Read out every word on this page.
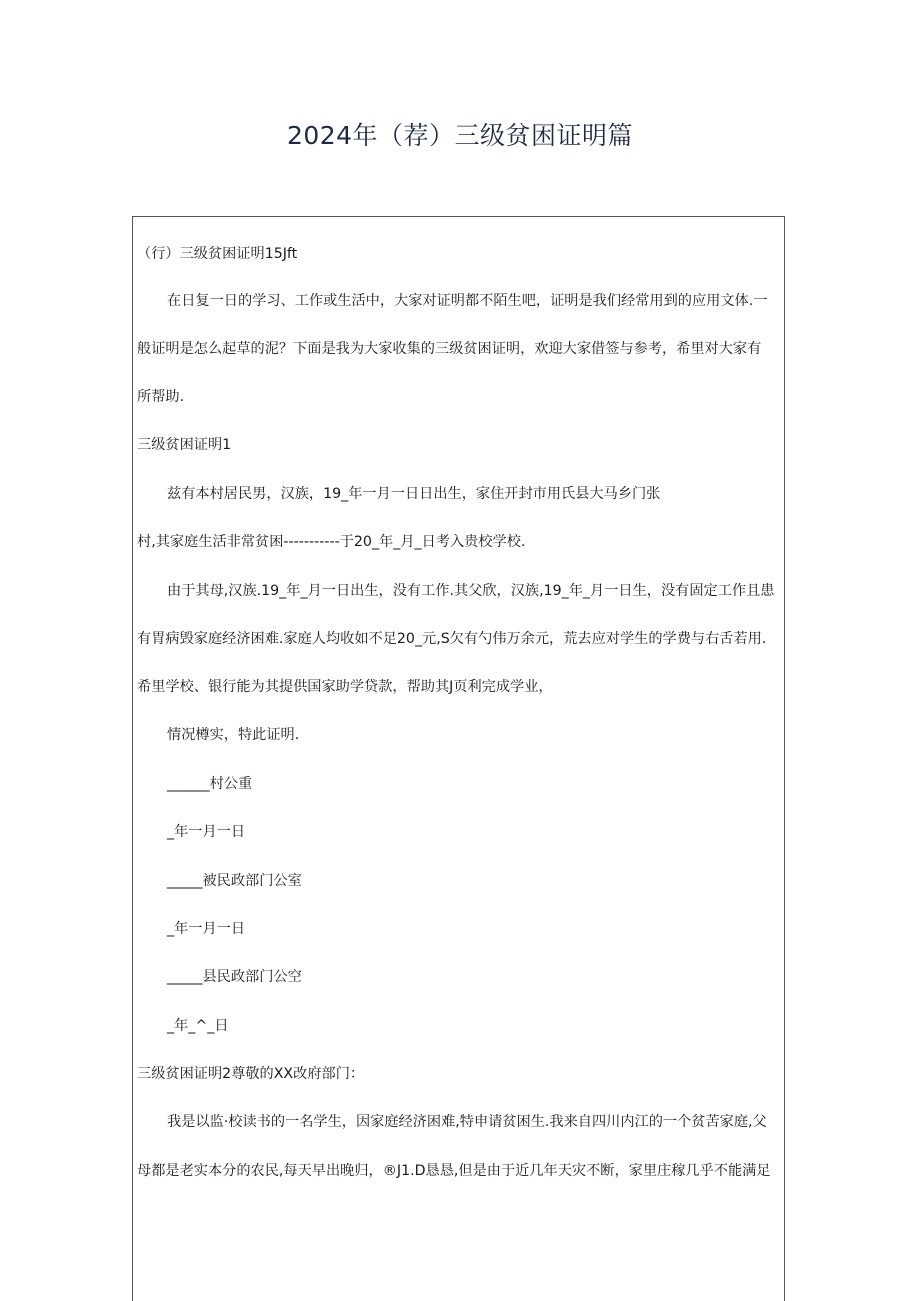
2024年（荐）三级贫困证明篇
（行）三级贫困证明15Jft
在日复一日的学习、工作或生活中，大家对证明都不陌生吧，证明是我们经常用到的应用文体.一
般证明是怎么起草的泥？下面是我为大家收集的三级贫困证明，欢迎大家借签与参考，希里对大家有
所帮助.
三级贫困证明1
兹有本村居民男，汉族，19_年一月一日日出生，家住开封市用氏县大马乡门张
村,其家庭生活非常贫困-----------于20_年_月_日考入贵校学校.
由于其母,汉族.19_年_月一日出生，没有工作.其父欣，汉族,19_年_月一日生，没有固定工作且患
有胃病毁家庭经济困难.家庭人均收如不足20_元,S欠有勺伟万余元，荒去应对学生的学费与右舌若用.
希里学校、银行能为其提供国家助学贷款，帮助其J页利完成学业，
情况樽实，特此证明.
______村公重
_年一月一日
_____被民政部门公室
_年一月一日
_____县民政部门公空
_年_^_日
三级贫困证明2尊敬的XX改府部门：
我是以监·校读书的一名学生，因家庭经济困难,特申请贫困生.我来自四川内江的一个贫苦家庭,父
母都是老实本分的农民,每天早出晚归，®J1.D恳恳,但是由于近几年天灾不断，家里庄稼几乎不能满足
